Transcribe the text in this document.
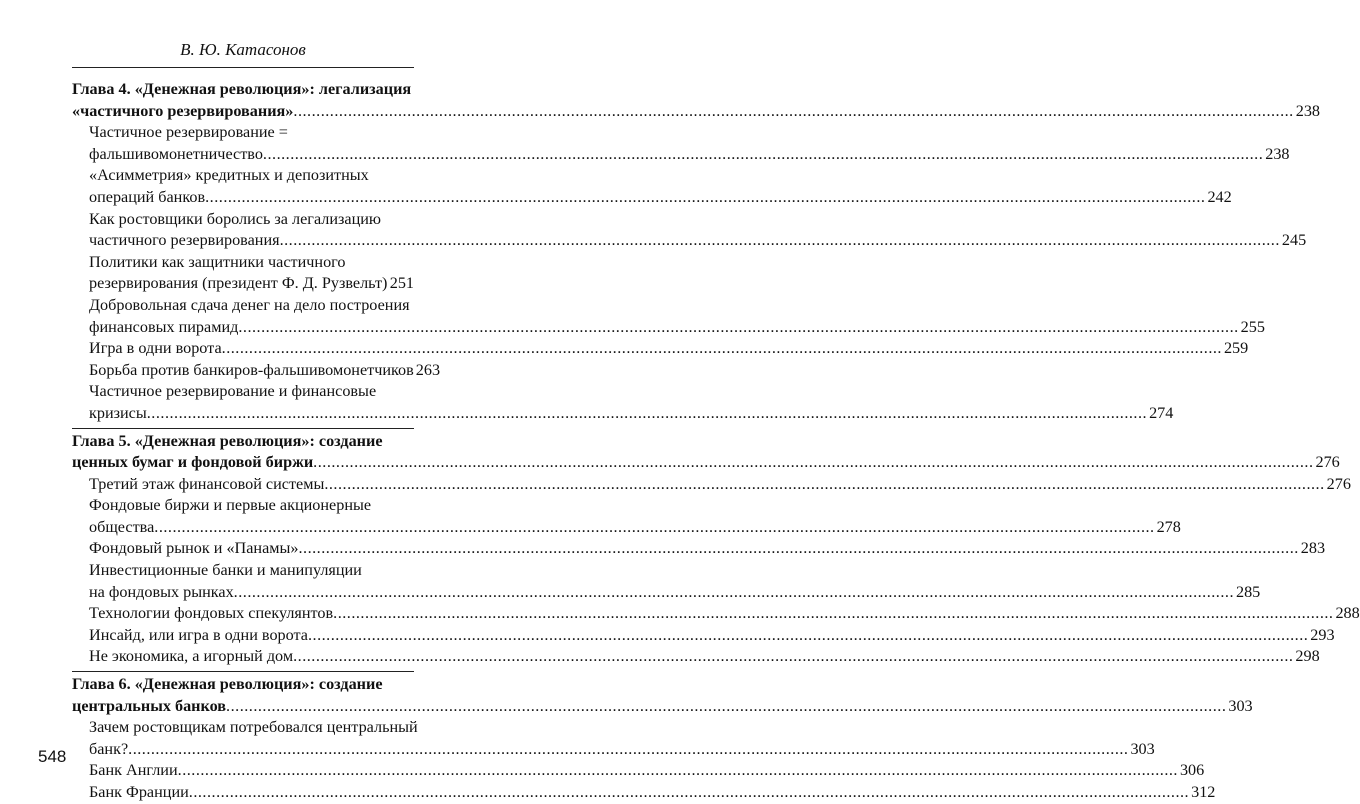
В. Ю. Катасонов
Глава 4. «Денежная революция»: легализация
«частичного резервирования» ............................................................................................................................................................................................................................ 238
Частичное резервирование =
фальшивомонетничество ............................................................................................................................................................................................................................ 238
«Асимметрия» кредитных и депозитных
операций банков ............................................................................................................................................................................................................................ 242
Как ростовщики боролись за легализацию
частичного резервирования ............................................................................................................................................................................................................................ 245
Политики как защитники частичного
резервирования (президент Ф. Д. Рузвельт) 251
Добровольная сдача денег на дело построения
финансовых пирамид ............................................................................................................................................................................................................................ 255
Игра в одни ворота ............................................................................................................................................................................................................................ 259
Борьба против банкиров-фальшивомонетчиков 263
Частичное резервирование и финансовые
кризисы ............................................................................................................................................................................................................................ 274
Глава 5. «Денежная революция»: создание
ценных бумаг и фондовой биржи ............................................................................................................................................................................................................................ 276
Третий этаж финансовой системы ............................................................................................................................................................................................................................ 276
Фондовые биржи и первые акционерные
общества ............................................................................................................................................................................................................................ 278
Фондовый рынок и «Панамы» ............................................................................................................................................................................................................................ 283
Инвестиционные банки и манипуляции
на фондовых рынках ............................................................................................................................................................................................................................ 285
Технологии фондовых спекулянтов ............................................................................................................................................................................................................................ 288
Инсайд, или игра в одни ворота ............................................................................................................................................................................................................................ 293
Не экономика, а игорный дом ............................................................................................................................................................................................................................ 298
Глава 6. «Денежная революция»: создание
центральных банков ............................................................................................................................................................................................................................ 303
Зачем ростовщикам потребовался центральный
банк? ............................................................................................................................................................................................................................ 303
Банк Англии ............................................................................................................................................................................................................................ 306
Банк Франции ............................................................................................................................................................................................................................ 312
548
